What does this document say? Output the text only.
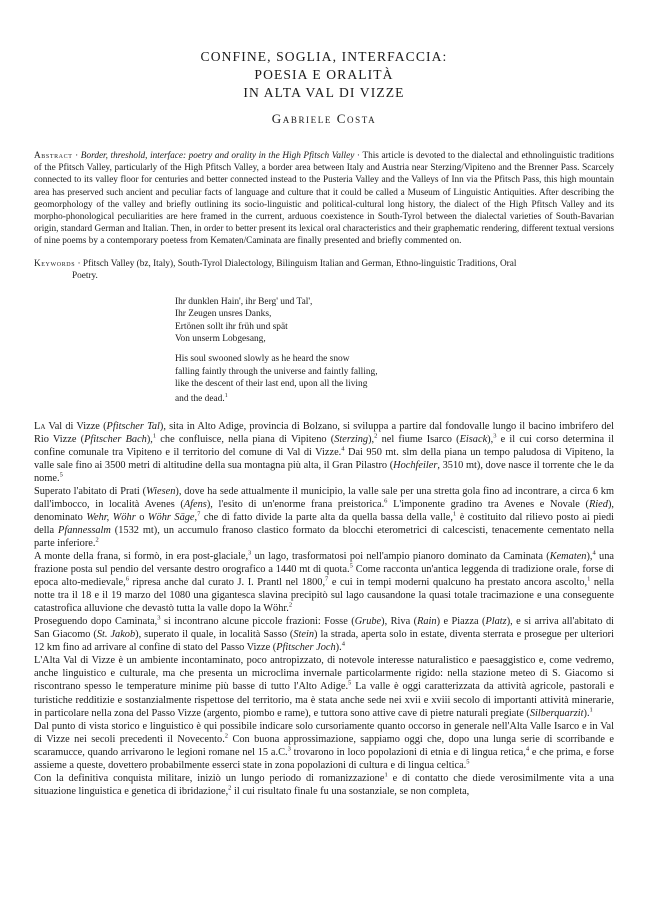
CONFINE, SOGLIA, INTERFACCIA:
POESIA E ORALITÀ
IN ALTA VAL DI VIZZE
Gabriele Costa

Abstract · Border, threshold, interface: poetry and orality in the High Pfitsch Valley · This article is devoted to the dialectal and ethnolinguistic traditions of the Pfitsch Valley, particularly of the High Pfitsch Valley, a border area between Italy and Austria near Sterzing/Vipiteno and the Brenner Pass. Scarcely connected to its valley floor for centuries and better connected instead to the Pusteria Valley and the Valleys of Inn via the Pfitsch Pass, this high mountain area has preserved such ancient and peculiar facts of language and culture that it could be called a Museum of Linguistic Antiquities. After describing the geomorphology of the valley and briefly outlining its socio-linguistic and political-cultural long history, the dialect of the High Pfitsch Valley and its morpho-phonological peculiarities are here framed in the current, arduous coexistence in South-Tyrol between the dialectal varieties of South-Bavarian origin, standard German and Italian. Then, in order to better present its lexical oral characteristics and their graphematic rendering, different textual versions of nine poems by a contemporary poetess from Kematen/Caminata are finally presented and briefly commented on.

Keywords · Pfitsch Valley (bz, Italy), South-Tyrol Dialectology, Bilinguism Italian and German, Ethno-linguistic Traditions, Oral
Poetry.

Ihr dunklen Hain', ihr Berg' und Tal',
Ihr Zeugen unsres Danks,
Ertönen sollt ihr früh und spät
Von unserm Lobgesang,
His soul swooned slowly as he heard the snow
falling faintly through the universe and faintly falling,
like the descent of their last end, upon all the living
and the dead.$^1$

La Val di Vizze (Pfitscher Tal), sita in Alto Adige, provincia di Bolzano, si sviluppa a partire dal fondovalle lungo il bacino imbrifero del Rio Vizze (Pfitscher Bach),$^1$ che confluisce, nella piana di Vipiteno (Sterzing),$^2$ nel fiume Isarco (Eisack),$^3$ e il cui corso determina il confine comunale tra Vipiteno e il territorio del comune di Val di Vizze.$^4$ Dai 950 mt. slm della piana un tempo paludosa di Vipiteno, la valle sale fino ai 3500 metri di altitudine della sua montagna più alta, il Gran Pilastro (Hochfeiler, 3510 mt), dove nasce il torrente che le da nome.$^5$

Superato l'abitato di Prati (Wiesen), dove ha sede attualmente il municipio, la valle sale per una stretta gola fino ad incontrare, a circa 6 km dall'imbocco, in località Avenes (Afens), l'esito di un'enorme frana preistorica.$^6$ L'imponente gradino tra Avenes e Novale (Ried), denominato Wehr, Wöhr o Wöhr Säge,$^7$ che di fatto divide la parte alta da quella bassa della valle,$^1$ è costituito dal rilievo posto ai piedi della Pfannessalm (1532 mt), un accumulo franoso clastico formato da blocchi eterometrici di calcescisti, tenacemente cementato nella parte inferiore.$^2$

A monte della frana, si formò, in era post-glaciale,$^3$ un lago, trasformatosi poi nell'ampio pianoro dominato da Caminata (Kematen),$^4$ una frazione posta sul pendio del versante destro orografico a 1440 mt di quota.$^5$ Come racconta un'antica leggenda di tradizione orale, forse di epoca alto-medievale,$^6$ ripresa anche dal curato J. I. Prantl nel 1800,$^7$ e cui in tempi moderni qualcuno ha prestato ancora ascolto,$^1$ nella notte tra il 18 e il 19 marzo del 1080 una gigantesca slavina precipitò sul lago causandone la quasi totale tracimazione e una conseguente catastrofica alluvione che devastò tutta la valle dopo la Wöhr.$^2$

Proseguendo dopo Caminata,$^3$ si incontrano alcune piccole frazioni: Fosse (Grube), Riva (Rain) e Piazza (Platz), e si arriva all'abitato di San Giacomo (St. Jakob), superato il quale, in località Sasso (Stein) la strada, aperta solo in estate, diventa sterrata e prosegue per ulteriori 12 km fino ad arrivare al confine di stato del Passo Vizze (Pfitscher Joch).$^4$

L'Alta Val di Vizze è un ambiente incontaminato, poco antropizzato, di notevole interesse naturalistico e paesaggistico e, come vedremo, anche linguistico e culturale, ma che presenta un microclima invernale particolarmente rigido: nella stazione meteo di S. Giacomo si riscontrano spesso le temperature minime più basse di tutto l'Alto Adige.$^5$ La valle è oggi caratterizzata da attività agricole, pastorali e turistiche redditizie e sostanzialmente rispettose del territorio, ma è stata anche sede nei xvii e xviii secolo di importanti attività minerarie, in particolare nella zona del Passo Vizze (argento, piombo e rame), e tuttora sono attive cave di pietre naturali pregiate (Silberquarzit).$^1$

Dal punto di vista storico e linguistico è qui possibile indicare solo cursoriamente quanto occorso in generale nell'Alta Valle Isarco e in Val di Vizze nei secoli precedenti il Novecento.$^2$ Con buona approssimazione, sappiamo oggi che, dopo una lunga serie di scorribande e scaramucce, quando arrivarono le legioni romane nel 15 a.C.$^3$ trovarono in loco popolazioni di etnia e di lingua retica,$^4$ e che prima, e forse assieme a queste, dovettero probabilmente esserci state in zona popolazioni di cultura e di lingua celtica.$^5$

Con la definitiva conquista militare, iniziò un lungo periodo di romanizzazione$^1$ e di contatto che diede verosimilmente vita a una situazione linguistica e genetica di ibridazione,$^2$ il cui risultato finale fu una sostanziale, se non completa,
